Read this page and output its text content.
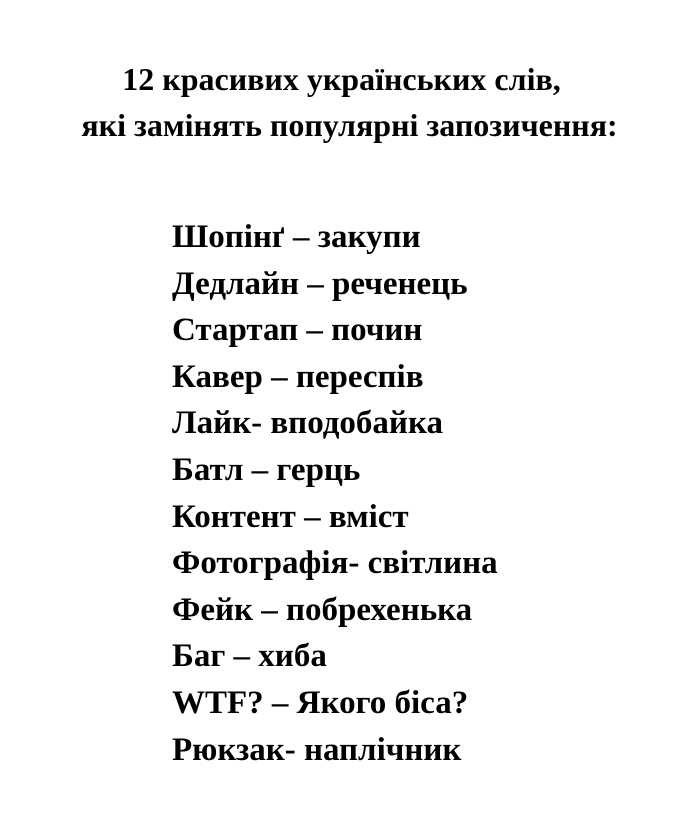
12 красивих українських слів,
які замінять популярні запозичення:
Шопінґ – закупи
Дедлайн – реченець
Стартап – почин
Кавер – переспів
Лайк- вподобайка
Батл – герць
Контент – вміст
Фотографія- світлина
Фейк – побрехенька
Баг – хиба
WTF? – Якого біса?
Рюкзак- наплічник
